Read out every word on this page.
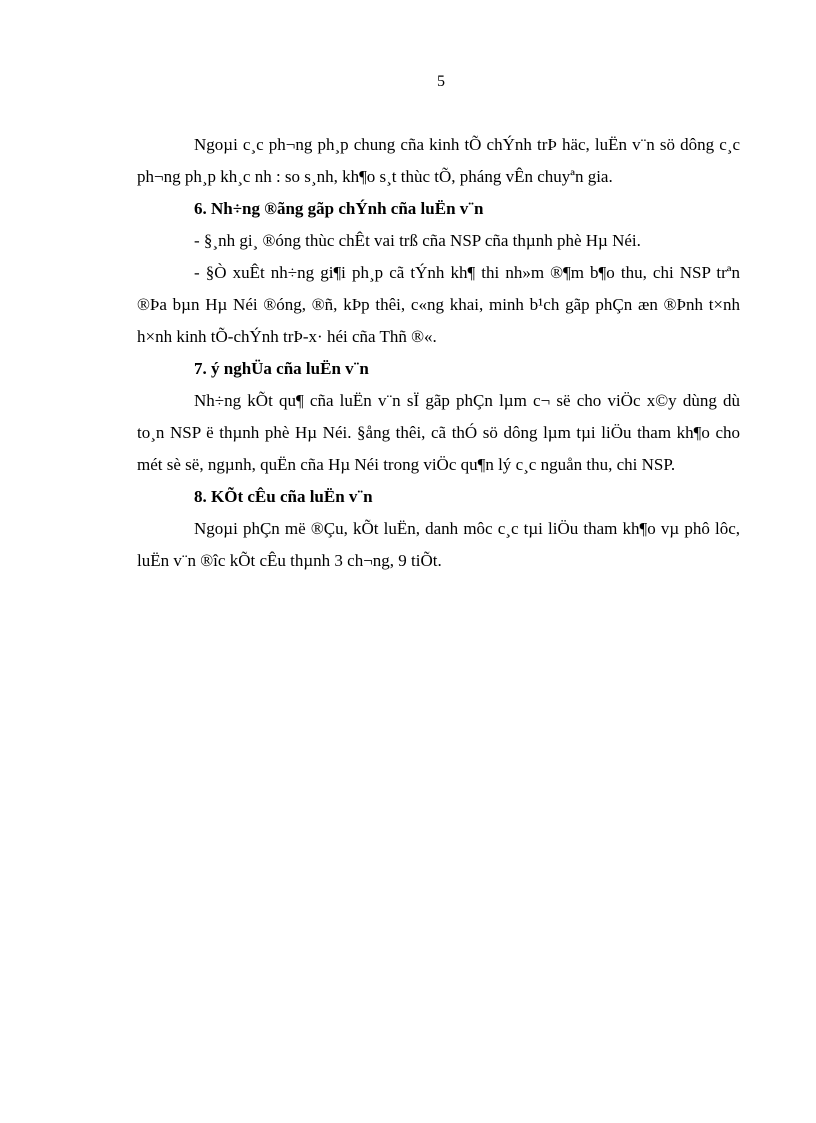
5

Ngoµi c¸c ph¬ng ph¸p chung cña kinh tÕ chÝnh trÞ häc, luËn v¨n sö dông c¸c ph¬ng ph¸p kh¸c nh : so s¸nh, kh¶o s¸t thùc tÕ, pháng vÊn chuyªn gia.

6. Nh÷ng ®ãng gãp chÝnh cña luËn v¨n

- §¸nh gi¸ ®óng thùc chÊt vai trß cña NSP cña thµnh phè Hµ Néi.

- §Ò xuÊt nh÷ng gi¶i ph¸p cã tÝnh kh¶ thi nh»m ®¶m b¶o thu, chi NSP trªn ®Þa bµn Hµ Néi ®óng, ®ñ, kÞp thêi, c«ng khai, minh b¹ch gãp phÇn æn ®Þnh t×nh h×nh kinh tÕ-chÝnh trÞ-x· héi cña Thñ ®«.

7. ý nghÜa cña luËn v¨n

Nh÷ng kÕt qu¶ cña luËn v¨n sÏ gãp phÇn lµm c¬ së cho viÖc x©y dùng dù to¸n NSP ë thµnh phè Hµ Néi. §ång thêi, cã thÓ sö dông lµm tµi liÖu tham kh¶o cho mét sè së, ngµnh, quËn cña Hµ Néi trong viÖc qu¶n lý c¸c nguån thu, chi NSP.

8. KÕt cÊu cña luËn v¨n

Ngoµi phÇn më ®Çu, kÕt luËn, danh môc c¸c tµi liÖu tham kh¶o vµ phô lôc, luËn v¨n ®îc kÕt cÊu thµnh 3 ch¬ng, 9 tiÕt.
